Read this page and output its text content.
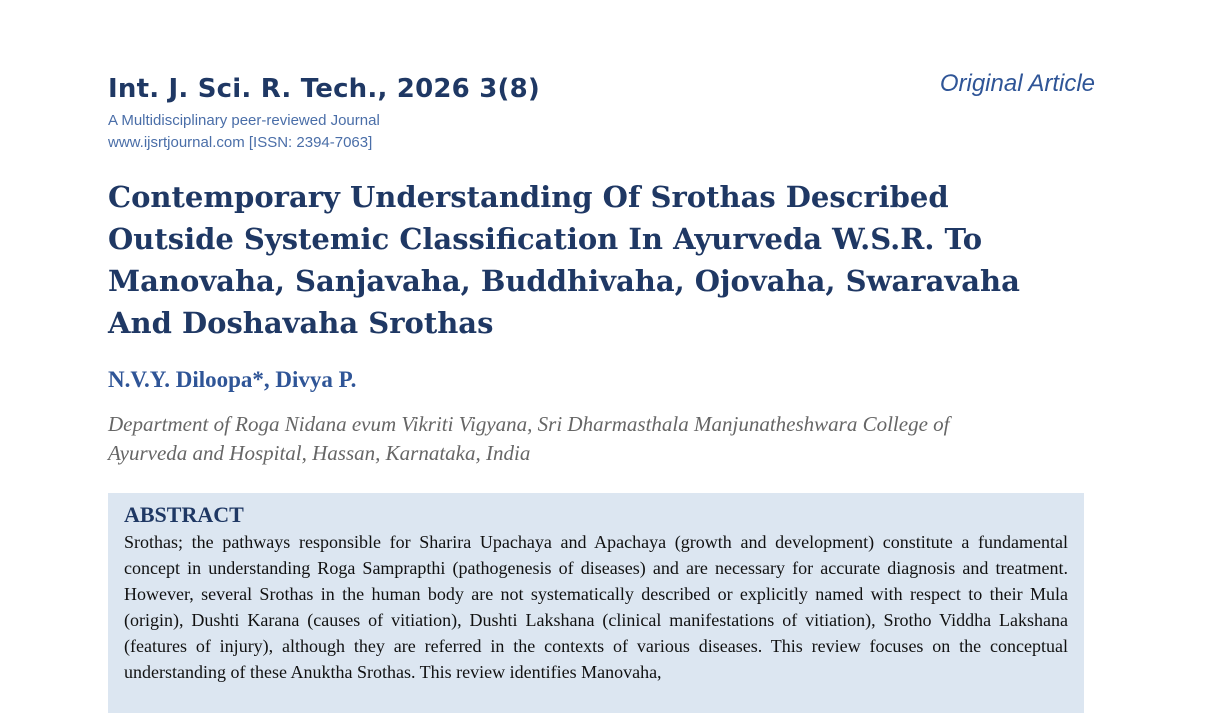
Int. J. Sci. R. Tech., 2026 3(8)
A Multidisciplinary peer-reviewed Journal
www.ijsrtjournal.com [ISSN: 2394-7063]
Original Article
Contemporary Understanding Of Srothas Described Outside Systemic Classification In Ayurveda W.S.R. To Manovaha, Sanjavaha, Buddhivaha, Ojovaha, Swaravaha And Doshavaha Srothas
N.V.Y. Diloopa*, Divya P.
Department of Roga Nidana evum Vikriti Vigyana, Sri Dharmasthala Manjunatheshwara College of Ayurveda and Hospital, Hassan, Karnataka, India
ABSTRACT

Srothas; the pathways responsible for Sharira Upachaya and Apachaya (growth and development) constitute a fundamental concept in understanding Roga Samprapthi (pathogenesis of diseases) and are necessary for accurate diagnosis and treatment. However, several Srothas in the human body are not systematically described or explicitly named with respect to their Mula (origin), Dushti Karana (causes of vitiation), Dushti Lakshana (clinical manifestations of vitiation), Srotho Viddha Lakshana (features of injury), although they are referred in the contexts of various diseases. This review focuses on the conceptual understanding of these Anuktha Srothas. This review identifies Manovaha,
